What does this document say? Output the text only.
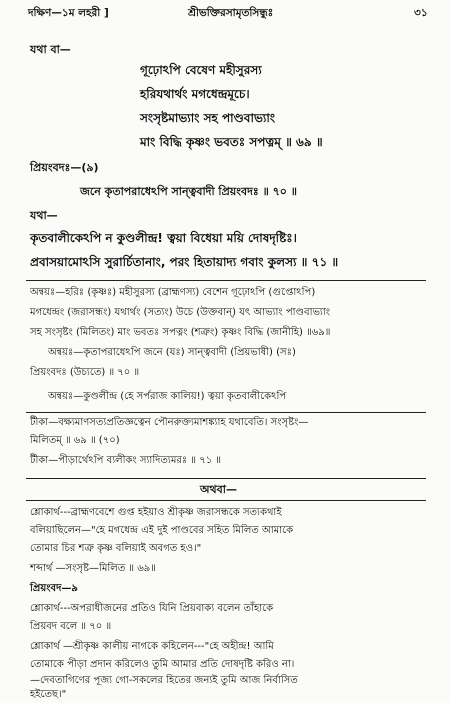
দক্ষিণ—১ম লহরী ]	শ্রীভক্তিরসামৃতসিন্ধুঃ	৩১
যথা বা—
গূঢ়োঽপি বেষেণ মহীসুরস্য
হরিযথার্থং মগধেন্দ্রমূচে।
সংসৃষ্টমাভ্যাং সহ পাণ্ডবাভ্যাং
মাং বিদ্ধি কৃষ্ণং ভবতঃ সপত্নম্ ॥ ৬৯ ॥
প্রিয়ংবদঃ—(৯)
জনে কৃতাপরাধেঽপি সান্ত্ববাদী প্রিয়ংবদঃ ॥ ৭০ ॥
যথা—
কৃতবালীকেঽপি ন কুণ্ডলীন্দ্র! ত্বয়া বিধেয়া ময়ি দোষদৃষ্টিঃ।
প্রবাসয়ামোঽসি সুরার্চিতানাং, পরং হিতায়াদ্য গবাং কুলস্য ॥ ৭১ ॥
অন্বয়ঃ—হরিঃ (কৃষ্ণঃ) মহীসুরস্য (ব্রাহ্মণস্য) বেশেন গূঢ়োঽপি (গুপ্তোঽপি)
মগধেন্দ্রং (জরাসন্ধং) যথার্থং (সত্যং) উচে (উক্তবান্) যৎ আভ্যাং পাণ্ডবাভ্যাং
সহ সংসৃষ্টং (মিলিতং) মাং ভবতঃ সপত্নং (শত্রুং) কৃষ্ণং বিদ্ধি (জানীহি) ॥৬৯॥
অন্বয়ঃ—কৃতাপরাধেঽপি জনে (যঃ) সান্ত্ববাদী (প্রিয়ভাষী) (সঃ)
প্রিয়ংবদঃ (উচ্যতে) ॥ ৭০ ॥
অন্বয়ঃ—কুণ্ডলীন্দ্র (হে সর্পরাজ কালিয়!) ত্বয়া কৃতবালীকেঽপি
টীকা—বক্ষ্যমাণসত্যপ্রতিজ্ঞত্বেন পৌনরুক্ত্যমাশঙ্ক্যাহ যথাবেতি। সংসৃষ্টং—
মিলিতম্ ॥ ৬৯ ॥ (৭০)
টীকা—পীড়ার্থেঽপি ব্যলীকং স্যাদিত্যমরঃ ॥ ৭১ ॥
অথবা—
শ্লোকার্থ---ব্রাহ্মণবেশে গুপ্ত হইয়াও শ্রীকৃষ্ণ জরাসন্ধকে সত্যকথাই
বলিয়াছিলেন—"হে মগধেন্দ্র এই দুই পাণ্ডবের সহিত মিলিত আমাকে
তোমার চির শত্রু কৃষ্ণ বলিয়াই অবগত হও।"
শব্দার্থ —সংসৃষ্ট—মিলিত ॥ ৬৯॥
প্রিয়ংবদ—৯
শ্লোকার্থ---অপরাধীজনের প্রতিও যিনি প্রিয়বাক্য বলেন তাঁহাকে
প্রিয়বদ বলে ॥ ৭০ ॥
শ্লোকার্থ —শ্রীকৃষ্ণ কালীয় নাগকে কহিলেন---"হে অহীন্দ্র! আমি
তোমাকে পীড়া প্রদান করিলেও তুমি আমার প্রতি দোষদৃষ্টি করিও না।
—দেবতাগিণের পূজ্য গো-সকলের হিতের জন্যই তুমি আজ নির্বাসিত
হইতেছ।"
